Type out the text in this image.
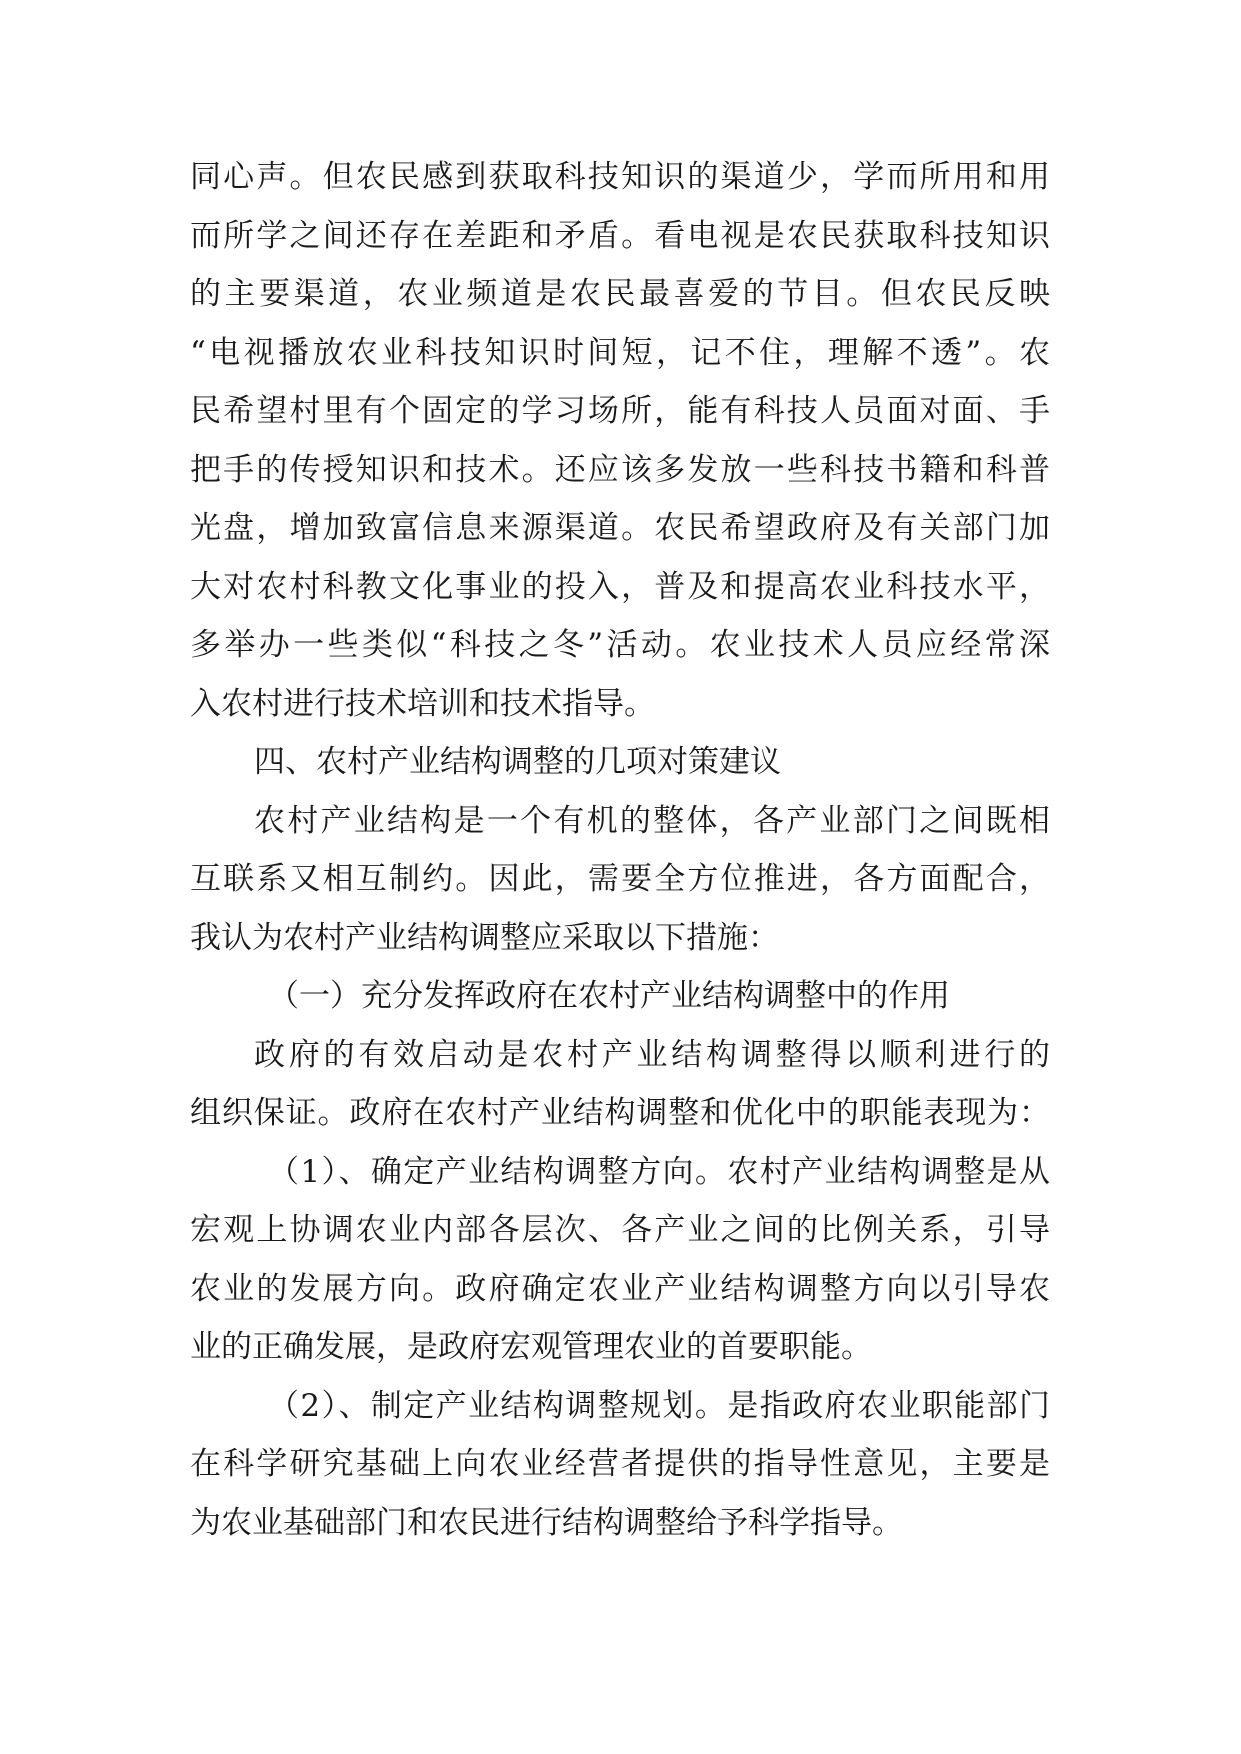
同心声。但农民感到获取科技知识的渠道少，学而所用和用
而所学之间还存在差距和矛盾。看电视是农民获取科技知识
的主要渠道，农业频道是农民最喜爱的节目。但农民反映
“电视播放农业科技知识时间短，记不住，理解不透”。农
民希望村里有个固定的学习场所，能有科技人员面对面、手
把手的传授知识和技术。还应该多发放一些科技书籍和科普
光盘，增加致富信息来源渠道。农民希望政府及有关部门加
大对农村科教文化事业的投入，普及和提高农业科技水平，
多举办一些类似“科技之冬”活动。农业技术人员应经常深
入农村进行技术培训和技术指导。
四、农村产业结构调整的几项对策建议
农村产业结构是一个有机的整体，各产业部门之间既相
互联系又相互制约。因此，需要全方位推进，各方面配合，
我认为农村产业结构调整应采取以下措施：
（一）充分发挥政府在农村产业结构调整中的作用
政府的有效启动是农村产业结构调整得以顺利进行的
组织保证。政府在农村产业结构调整和优化中的职能表现为：
（1）、确定产业结构调整方向。农村产业结构调整是从
宏观上协调农业内部各层次、各产业之间的比例关系，引导
农业的发展方向。政府确定农业产业结构调整方向以引导农
业的正确发展，是政府宏观管理农业的首要职能。
（2）、制定产业结构调整规划。是指政府农业职能部门
在科学研究基础上向农业经营者提供的指导性意见，主要是
为农业基础部门和农民进行结构调整给予科学指导。
